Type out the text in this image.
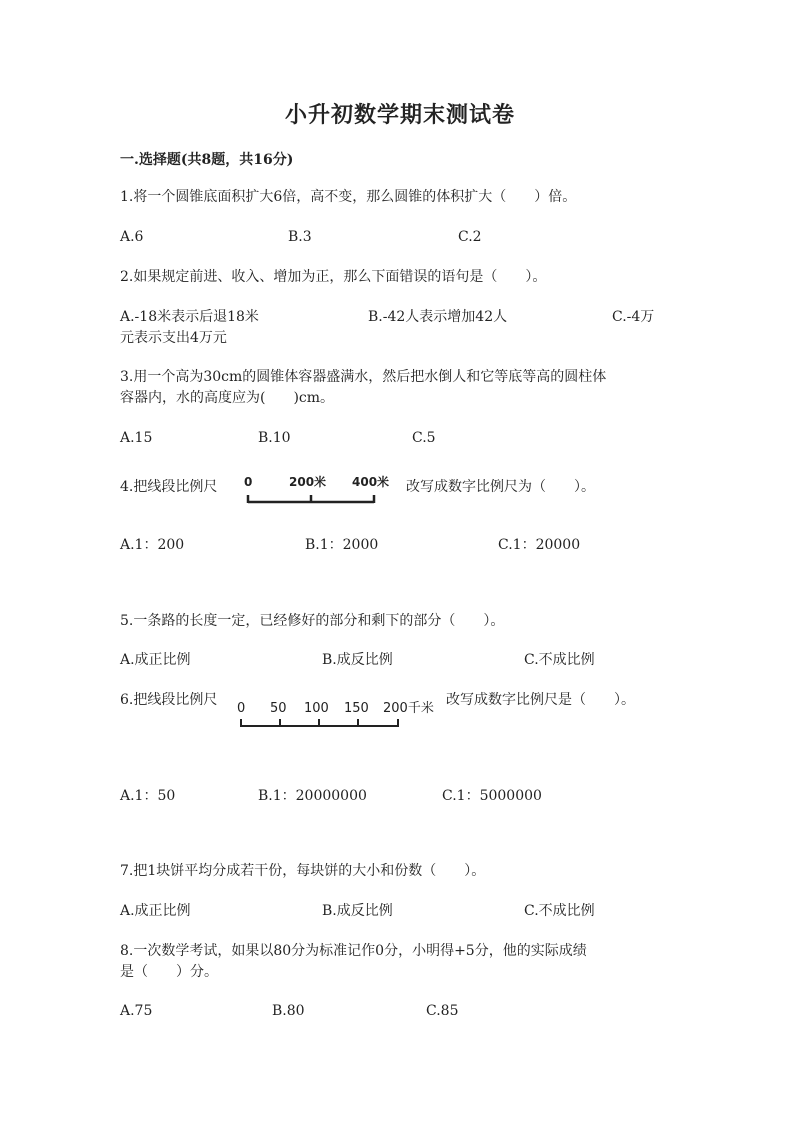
小升初数学期末测试卷
一.选择题(共8题，共16分)
1.将一个圆锥底面积扩大6倍，高不变，那么圆锥的体积扩大（　　）倍。
A.6	B.3	C.2
2.如果规定前进、收入、增加为正，那么下面错误的语句是（　　）。
A.-18米表示后退18米	B.-42人表示增加42人	C.-4万
元表示支出4万元
3.用一个高为30cm的圆锥体容器盛满水，然后把水倒人和它等底等高的圆柱体
容器内，水的高度应为(　　)cm。
A.15	B.10	C.5
4.把线段比例尺 0	200米 400米 改写成数字比例尺为（　　）。
A.1：200	B.1：2000	C.1：20000
5.一条路的长度一定，已经修好的部分和剩下的部分（　　）。
A.成正比例	B.成反比例	C.不成比例
6.把线段比例尺
0 50 100 150 200千米
改写成数字比例尺是（　　）。
A.1：50	B.1：20000000	C.1：5000000
7.把1块饼平均分成若干份，每块饼的大小和份数（　　）。
A.成正比例	B.成反比例	C.不成比例
8.一次数学考试，如果以80分为标准记作0分，小明得+5分，他的实际成绩
是（　　）分。
A.75	B.80	C.85
